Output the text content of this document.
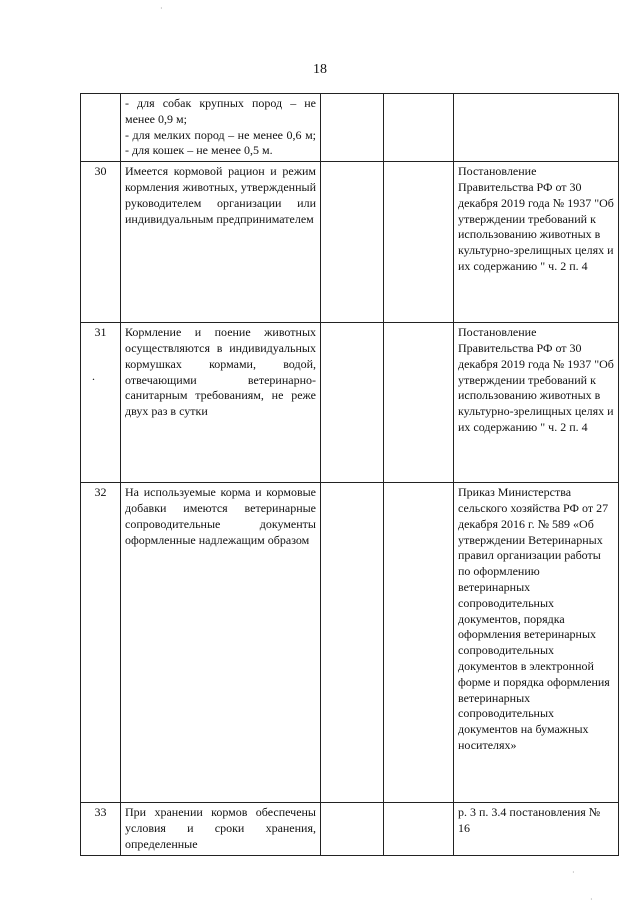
18

	- для собак крупных пород – не менее 0,9 м;
- для мелких пород – не менее 0,6 м; - для кошек – не менее 0,5 м.			

30	Имеется кормовой рацион и режим кормления животных, утвержденный руководителем организации или индивидуальным предпринимателем			Постановление Правительства РФ от 30 декабря 2019 года № 1937 "Об утверждении требований к использованию животных в культурно-зрелищных целях и их содержанию " ч. 2 п. 4

31	Кормление и поение животных осуществляются в индивидуальных кормушках кормами, водой, отвечающими ветеринарно-санитарным требованиям, не реже двух раз в сутки			Постановление Правительства РФ от 30 декабря 2019 года № 1937 "Об утверждении требований к использованию животных в культурно-зрелищных целях и их содержанию " ч. 2 п. 4

32	На используемые корма и кормовые добавки имеются ветеринарные сопроводительные документы оформленные надлежащим образом			Приказ Министерства сельского хозяйства РФ от 27 декабря 2016 г. № 589 «Об утверждении Ветеринарных правил организации работы по оформлению ветеринарных сопроводительных документов, порядка оформления ветеринарных сопроводительных документов в электронной форме и порядка оформления ветеринарных сопроводительных документов на бумажных носителях»

33	При хранении кормов обеспечены условия и сроки хранения, определенные			р. 3 п. 3.4 постановления № 16
.
·
·
·
